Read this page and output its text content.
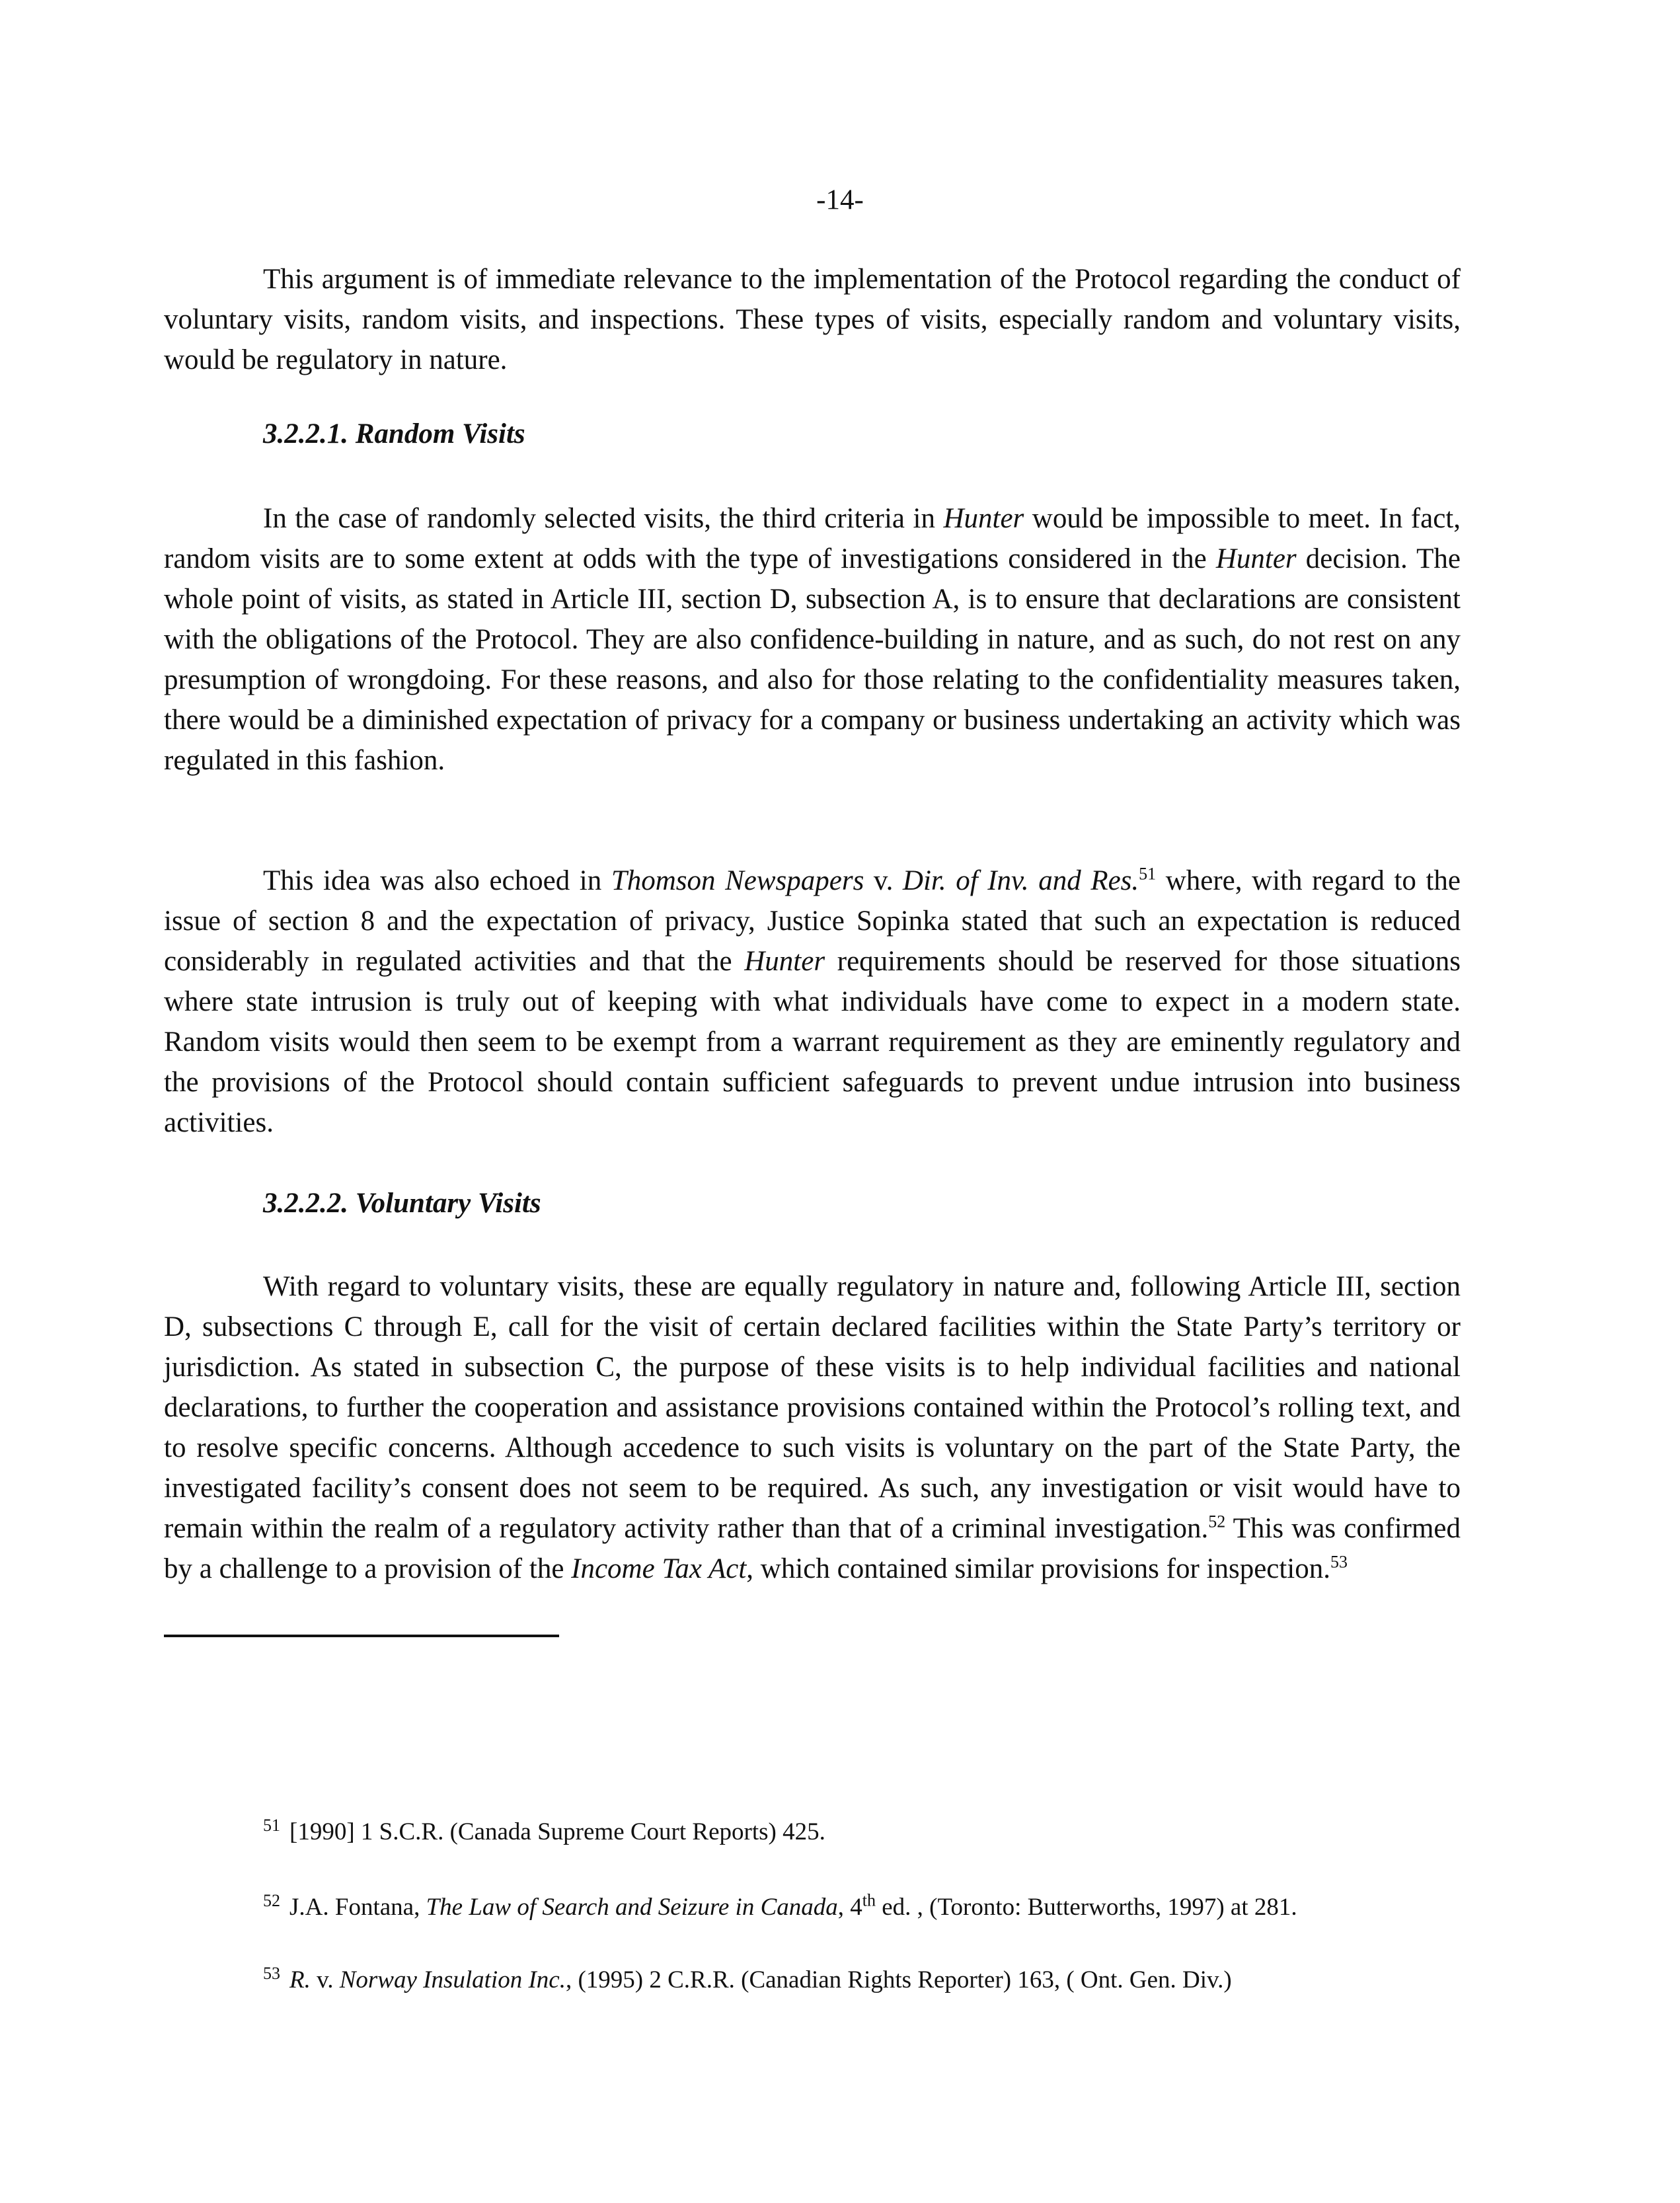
-14-

This argument is of immediate relevance to the implementation of the Protocol regarding the conduct of voluntary visits, random visits, and inspections. These types of visits, especially random and voluntary visits, would be regulatory in nature.

3.2.2.1. Random Visits

In the case of randomly selected visits, the third criteria in Hunter would be impossible to meet. In fact, random visits are to some extent at odds with the type of investigations considered in the Hunter decision. The whole point of visits, as stated in Article III, section D, subsection A, is to ensure that declarations are consistent with the obligations of the Protocol. They are also confidence-building in nature, and as such, do not rest on any presumption of wrongdoing. For these reasons, and also for those relating to the confidentiality measures taken, there would be a diminished expectation of privacy for a company or business undertaking an activity which was regulated in this fashion.

This idea was also echoed in Thomson Newspapers v. Dir. of Inv. and Res.$^{51}$ where, with regard to the issue of section 8 and the expectation of privacy, Justice Sopinka stated that such an expectation is reduced considerably in regulated activities and that the Hunter requirements should be reserved for those situations where state intrusion is truly out of keeping with what individuals have come to expect in a modern state. Random visits would then seem to be exempt from a warrant requirement as they are eminently regulatory and the provisions of the Protocol should contain sufficient safeguards to prevent undue intrusion into business activities.

3.2.2.2. Voluntary Visits

With regard to voluntary visits, these are equally regulatory in nature and, following Article III, section D, subsections C through E, call for the visit of certain declared facilities within the State Party’s territory or jurisdiction. As stated in subsection C, the purpose of these visits is to help individual facilities and national declarations, to further the cooperation and assistance provisions contained within the Protocol’s rolling text, and to resolve specific concerns. Although accedence to such visits is voluntary on the part of the State Party, the investigated facility’s consent does not seem to be required. As such, any investigation or visit would have to remain within the realm of a regulatory activity rather than that of a criminal investigation.$^{52}$ This was confirmed by a challenge to a provision of the Income Tax Act, which contained similar provisions for inspection.$^{53}$

$^{51}$ [1990] 1 S.C.R. (Canada Supreme Court Reports) 425.

$^{52}$ J.A. Fontana, The Law of Search and Seizure in Canada, 4th ed. , (Toronto: Butterworths, 1997) at 281.

$^{53}$ R. v. Norway Insulation Inc., (1995) 2 C.R.R. (Canadian Rights Reporter) 163, ( Ont. Gen. Div.)
